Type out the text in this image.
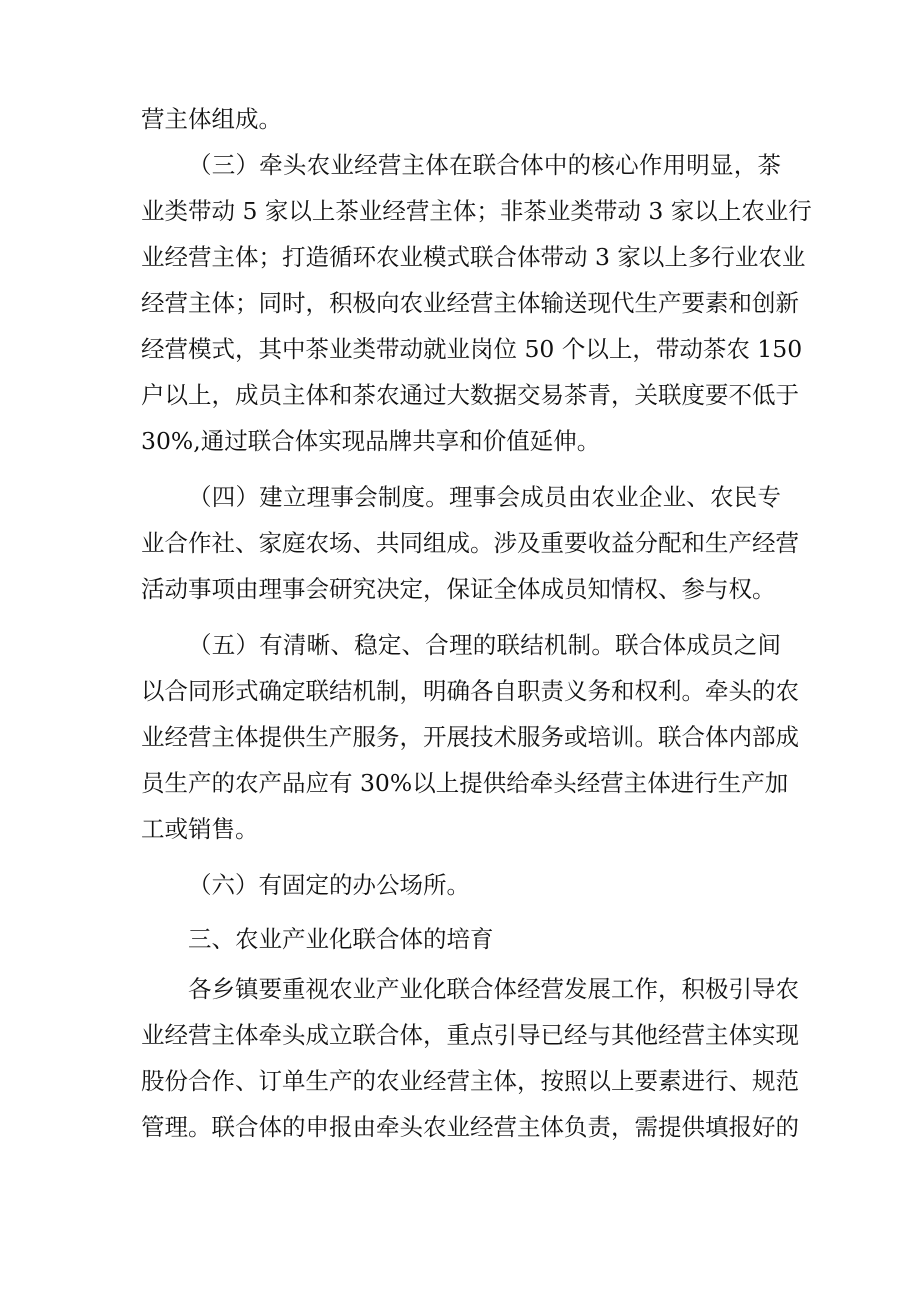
营主体组成。
（三）牵头农业经营主体在联合体中的核心作用明显，茶
业类带动 5 家以上茶业经营主体；非茶业类带动 3 家以上农业行
业经营主体；打造循环农业模式联合体带动 3 家以上多行业农业
经营主体；同时，积极向农业经营主体输送现代生产要素和创新
经营模式，其中茶业类带动就业岗位 50 个以上，带动茶农 150
户以上，成员主体和茶农通过大数据交易茶青，关联度要不低于
30%,通过联合体实现品牌共享和价值延伸。
（四）建立理事会制度。理事会成员由农业企业、农民专
业合作社、家庭农场、共同组成。涉及重要收益分配和生产经营
活动事项由理事会研究决定，保证全体成员知情权、参与权。
（五）有清晰、稳定、合理的联结机制。联合体成员之间
以合同形式确定联结机制，明确各自职责义务和权利。牵头的农
业经营主体提供生产服务，开展技术服务或培训。联合体内部成
员生产的农产品应有 30%以上提供给牵头经营主体进行生产加
工或销售。
（六）有固定的办公场所。
三、农业产业化联合体的培育
各乡镇要重视农业产业化联合体经营发展工作，积极引导农
业经营主体牵头成立联合体，重点引导已经与其他经营主体实现
股份合作、订单生产的农业经营主体，按照以上要素进行、规范
管理。联合体的申报由牵头农业经营主体负责，需提供填报好的
